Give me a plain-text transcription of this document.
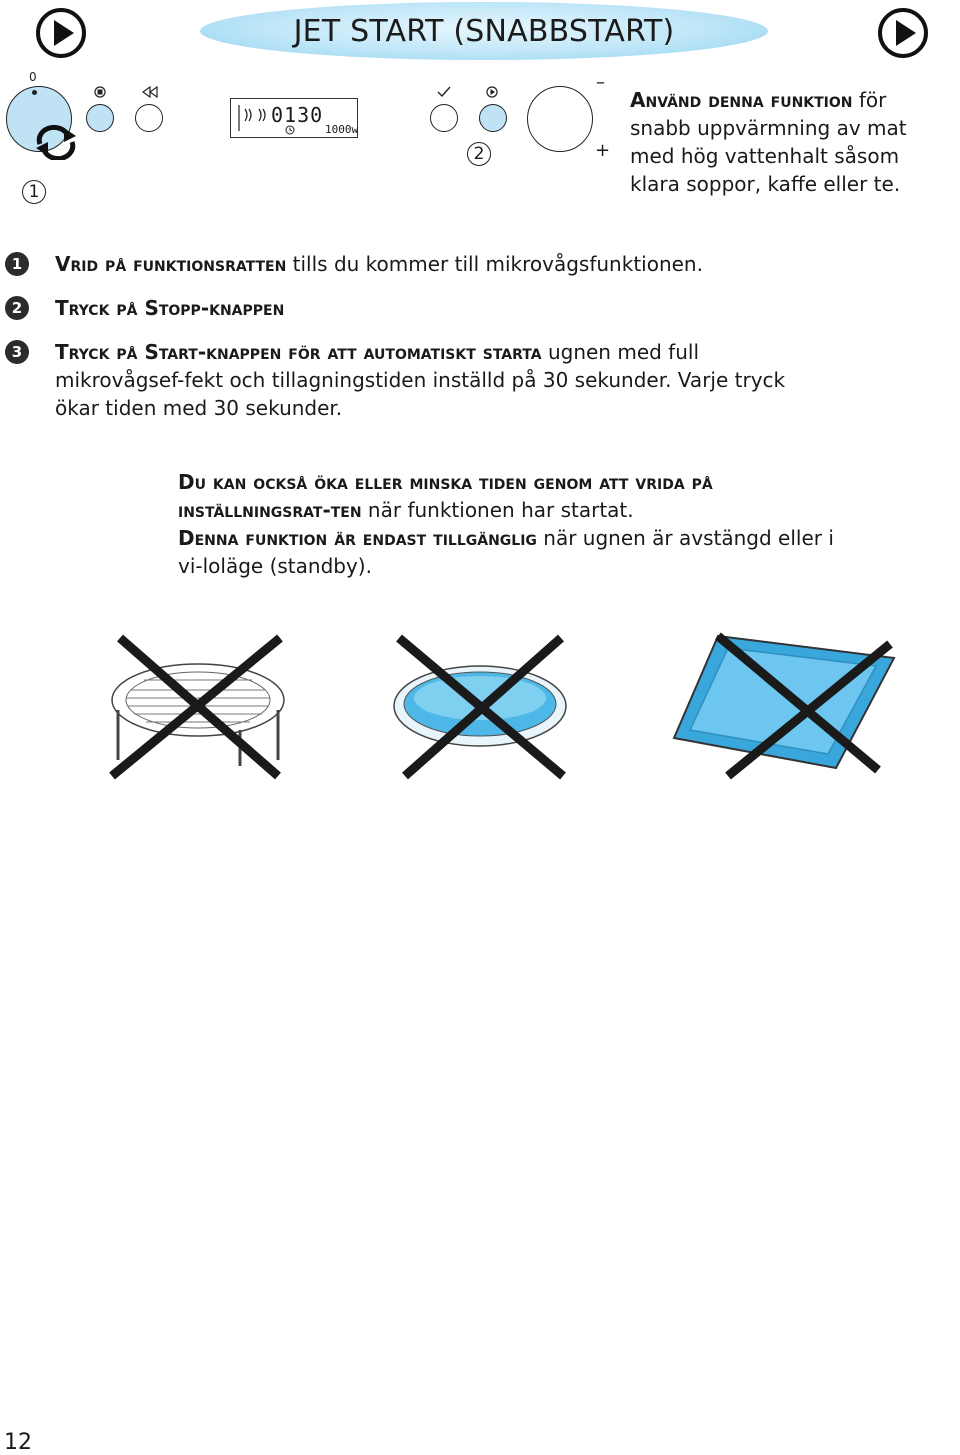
JET START (SNABBSTART)
0
1
0130
1000w
2
–
+
Använd denna funktion för snabb uppvärmning av mat med hög vattenhalt såsom klara soppor, kaffe eller te.
1	Vrid på funktionsratten tills du kommer till mikrovågsfunktionen.
2	Tryck på Stopp-knappen
3	Tryck på Start-knappen för att automatiskt starta ugnen med full mikrovågsef-fekt och tillagningstiden inställd på 30 sekunder. Varje tryck ökar tiden med 30 sekunder.
Du kan också öka eller minska tiden genom att vrida på inställningsrat-ten när funktionen har startat.
Denna funktion är endast tillgänglig när ugnen är avstängd eller i vi-loläge (standby).
12
